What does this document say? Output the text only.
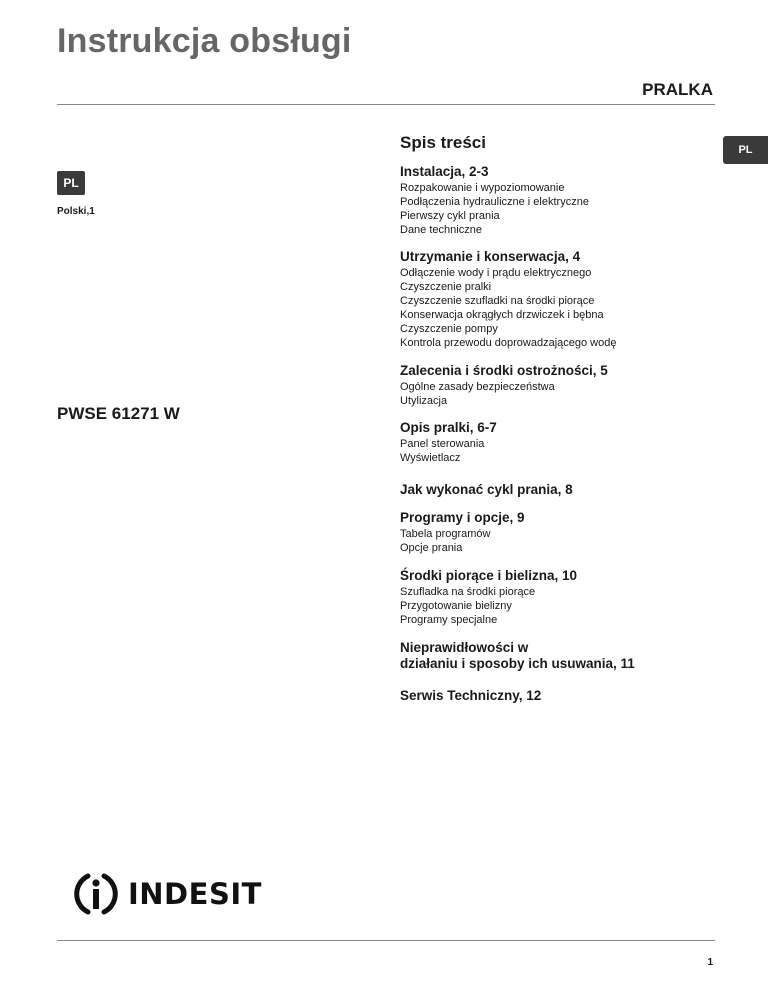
Instrukcja obsługi
PRALKA
PL
Polski,1
PL
PWSE 61271 W
Spis treści
Instalacja, 2-3
Rozpakowanie i wypoziomowanie
Podłączenia hydrauliczne i elektryczne
Pierwszy cykl prania
Dane techniczne
Utrzymanie i konserwacja, 4
Odłączenie wody i prądu elektrycznego
Czyszczenie pralki
Czyszczenie szufladki na środki piorące
Konserwacja okrągłych drzwiczek i bębna
Czyszczenie pompy
Kontrola przewodu doprowadzającego wodę
Zalecenia i środki ostrożności, 5
Ogólne zasady bezpieczeństwa
Utylizacja
Opis pralki, 6-7
Panel sterowania
Wyświetlacz
Jak wykonać cykl prania, 8
Programy i opcje, 9
Tabela programów
Opcje prania
Środki piorące i bielizna, 10
Szufladka na środki piorące
Przygotowanie bielizny
Programy specjalne
Nieprawidłowości w
działaniu i sposoby ich usuwania, 11
Serwis Techniczny, 12
INDESIT
1
